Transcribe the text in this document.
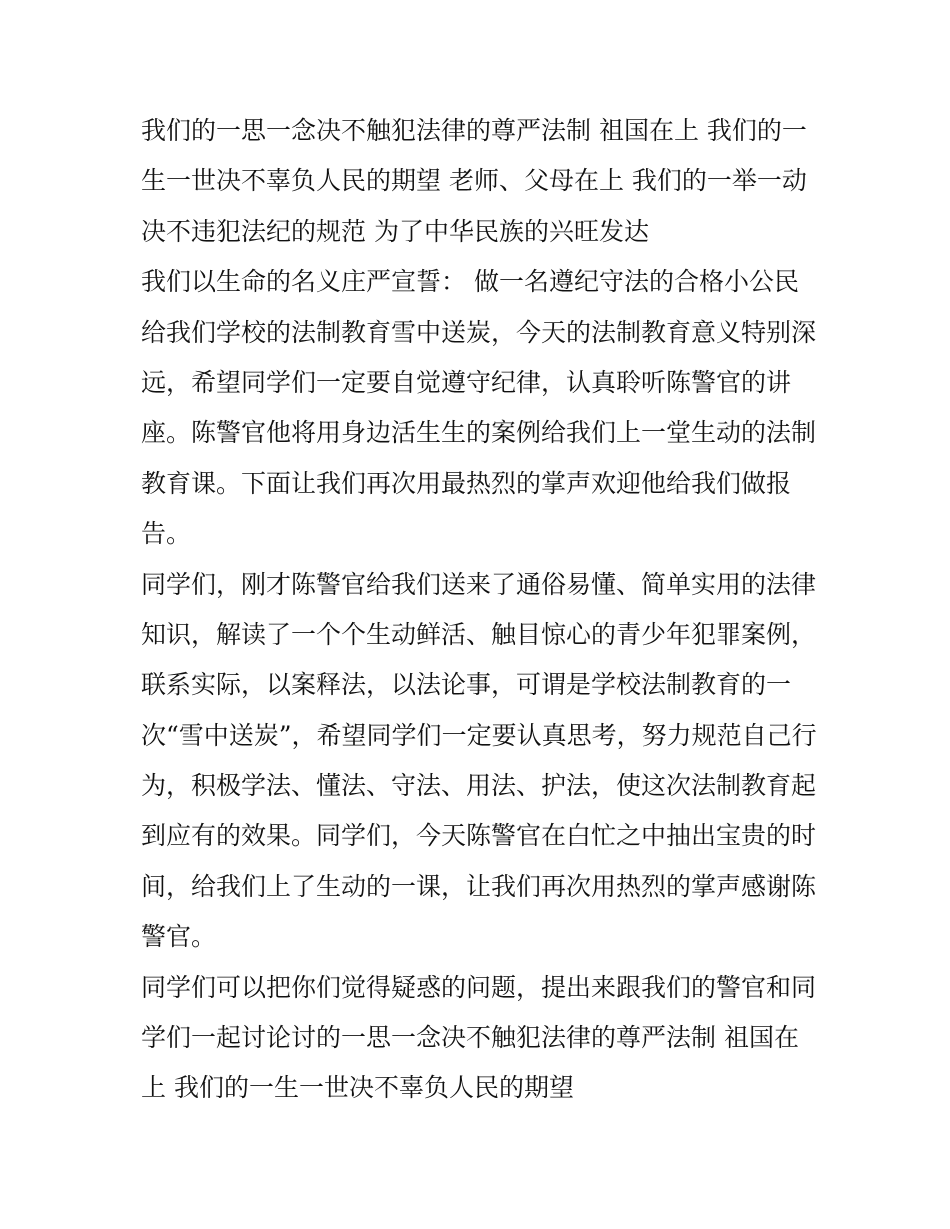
我们的一思一念决不触犯法律的尊严法制 祖国在上 我们的一
生一世决不辜负人民的期望 老师、父母在上 我们的一举一动
决不违犯法纪的规范 为了中华民族的兴旺发达
我们以生命的名义庄严宣誓： 做一名遵纪守法的合格小公民
给我们学校的法制教育雪中送炭，今天的法制教育意义特别深
远，希望同学们一定要自觉遵守纪律，认真聆听陈警官的讲
座。陈警官他将用身边活生生的案例给我们上一堂生动的法制
教育课。下面让我们再次用最热烈的掌声欢迎他给我们做报
告。
同学们，刚才陈警官给我们送来了通俗易懂、简单实用的法律
知识，解读了一个个生动鲜活、触目惊心的青少年犯罪案例，
联系实际，以案释法，以法论事，可谓是学校法制教育的一
次“雪中送炭”，希望同学们一定要认真思考，努力规范自己行
为，积极学法、懂法、守法、用法、护法，使这次法制教育起
到应有的效果。同学们，今天陈警官在白忙之中抽出宝贵的时
间，给我们上了生动的一课，让我们再次用热烈的掌声感谢陈
警官。
同学们可以把你们觉得疑惑的问题，提出来跟我们的警官和同
学们一起讨论讨的一思一念决不触犯法律的尊严法制 祖国在
上 我们的一生一世决不辜负人民的期望
